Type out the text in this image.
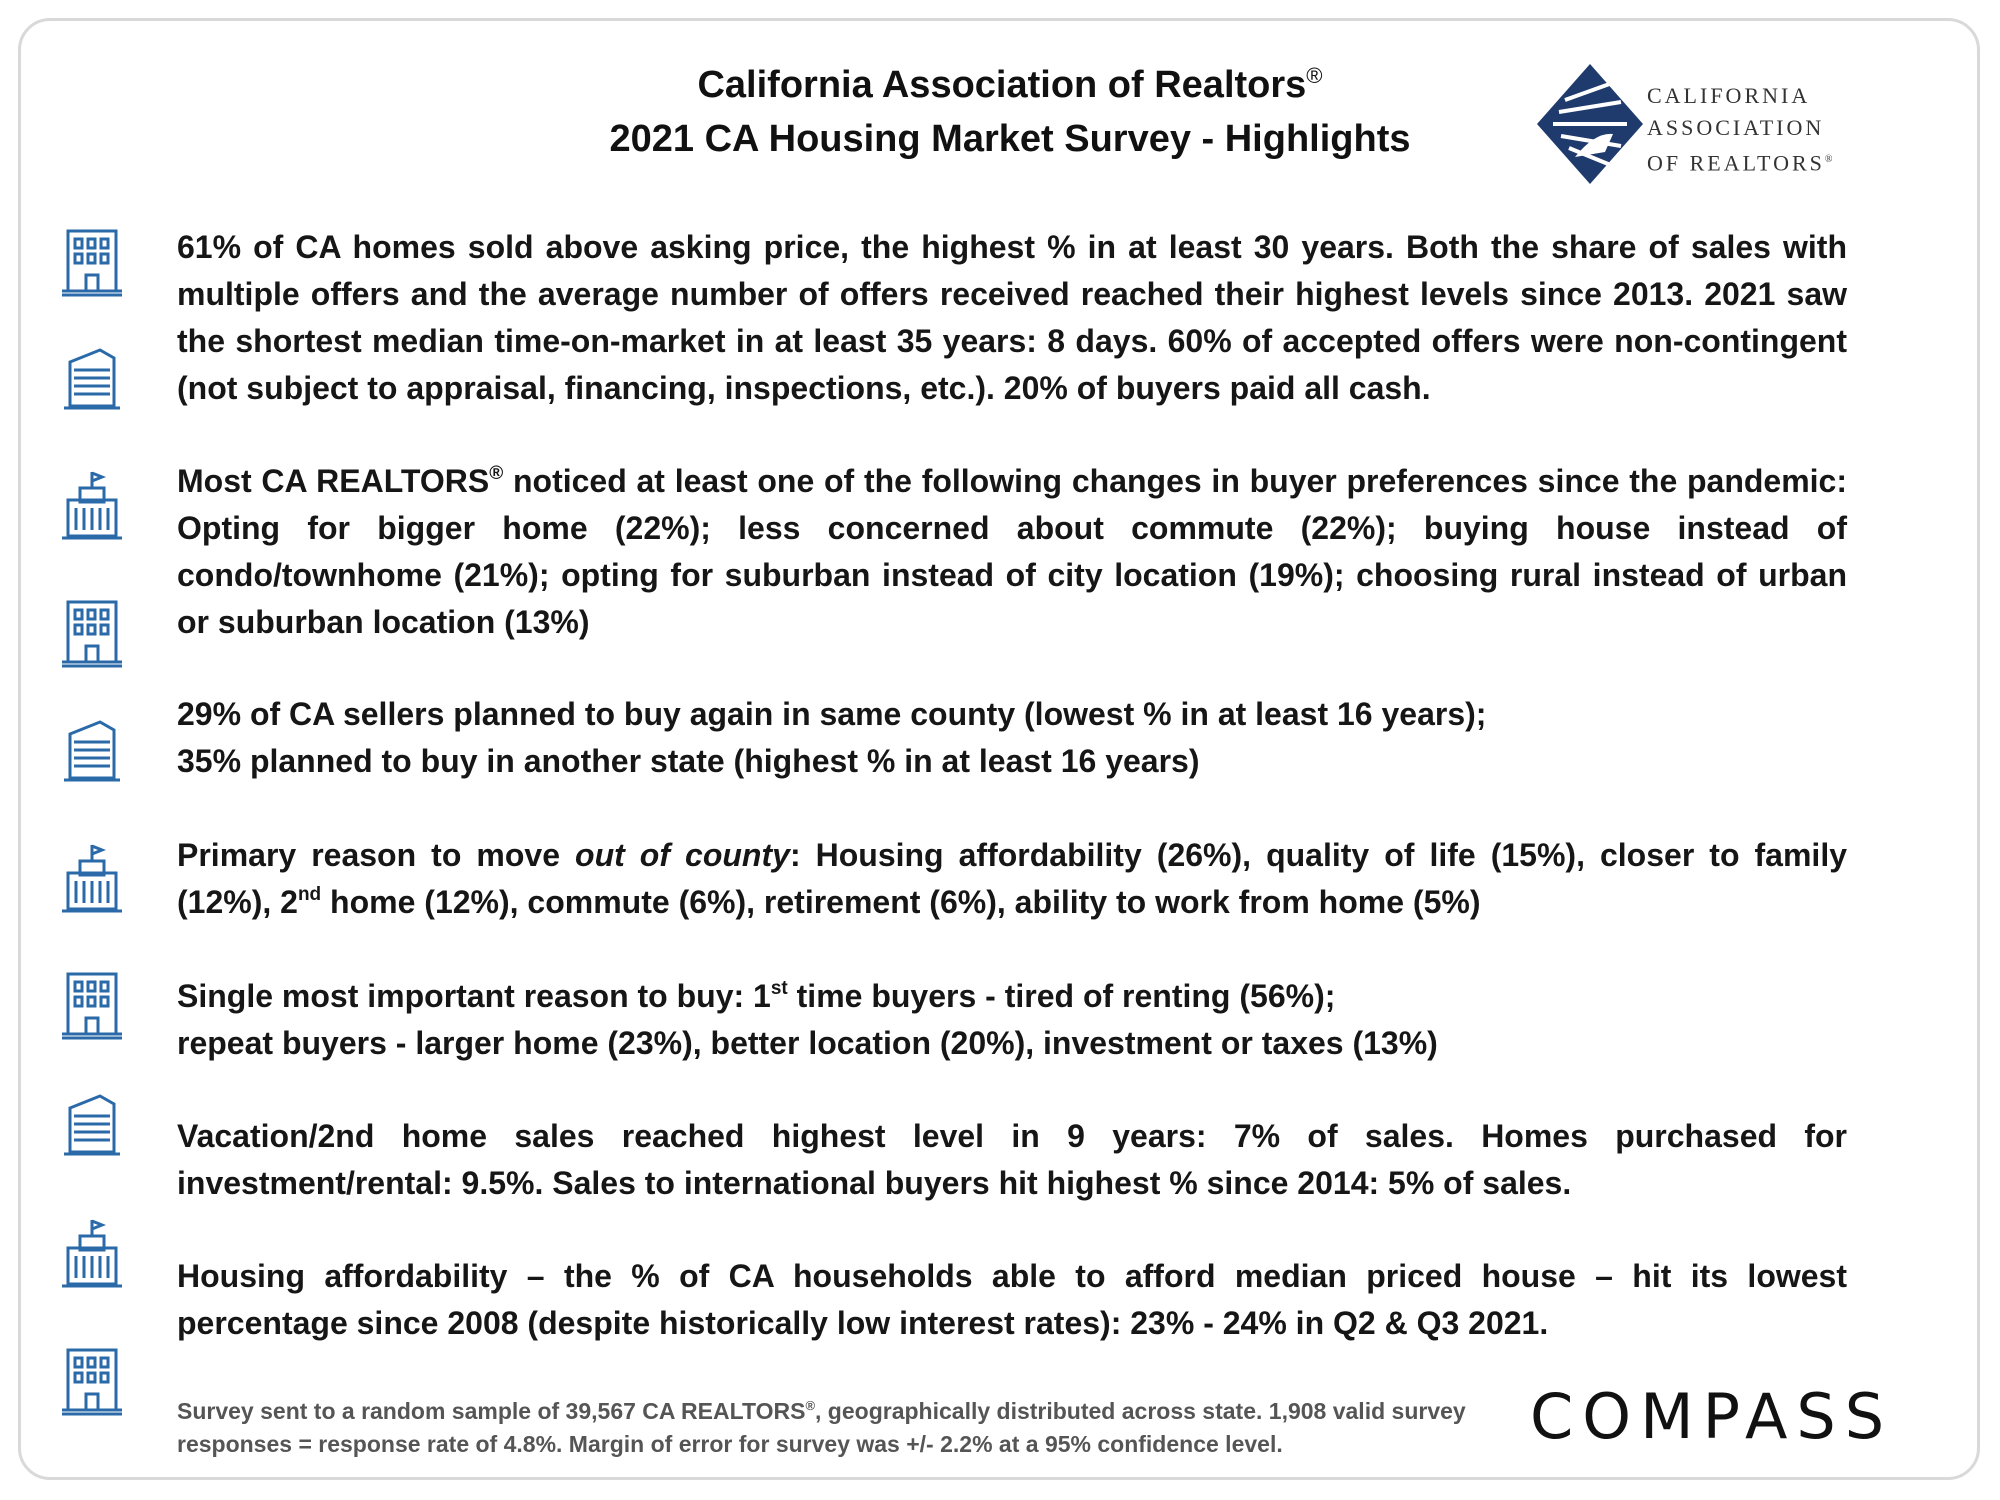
California Association of Realtors®
2021 CA Housing Market Survey - Highlights
CALIFORNIA
ASSOCIATION
OF REALTORS®
61% of CA homes sold above asking price, the highest % in at least 30 years. Both the share of sales with multiple offers and the average number of offers received reached their highest levels since 2013. 2021 saw the shortest median time-on-market in at least 35 years: 8 days. 60% of accepted offers were non-contingent (not subject to appraisal, financing, inspections, etc.). 20% of buyers paid all cash.
Most CA REALTORS® noticed at least one of the following changes in buyer preferences since the pandemic: Opting for bigger home (22%); less concerned about commute (22%); buying house instead of condo/townhome (21%); opting for suburban instead of city location (19%); choosing rural instead of urban or suburban location (13%)
29% of CA sellers planned to buy again in same county (lowest % in at least 16 years);
35% planned to buy in another state (highest % in at least 16 years)
Primary reason to move out of county: Housing affordability (26%), quality of life (15%), closer to family (12%), 2nd home (12%), commute (6%), retirement (6%), ability to work from home (5%)
Single most important reason to buy: 1st time buyers - tired of renting (56%);
repeat buyers - larger home (23%), better location (20%), investment or taxes (13%)
Vacation/2nd home sales reached highest level in 9 years: 7% of sales. Homes purchased for investment/rental: 9.5%. Sales to international buyers hit highest % since 2014: 5% of sales.
Housing affordability – the % of CA households able to afford median priced house – hit its lowest percentage since 2008 (despite historically low interest rates): 23% - 24% in Q2 & Q3 2021.
Survey sent to a random sample of 39,567 CA REALTORS®, geographically distributed across state. 1,908 valid survey responses = response rate of 4.8%. Margin of error for survey was +/- 2.2% at a 95% confidence level.	COMPASS
